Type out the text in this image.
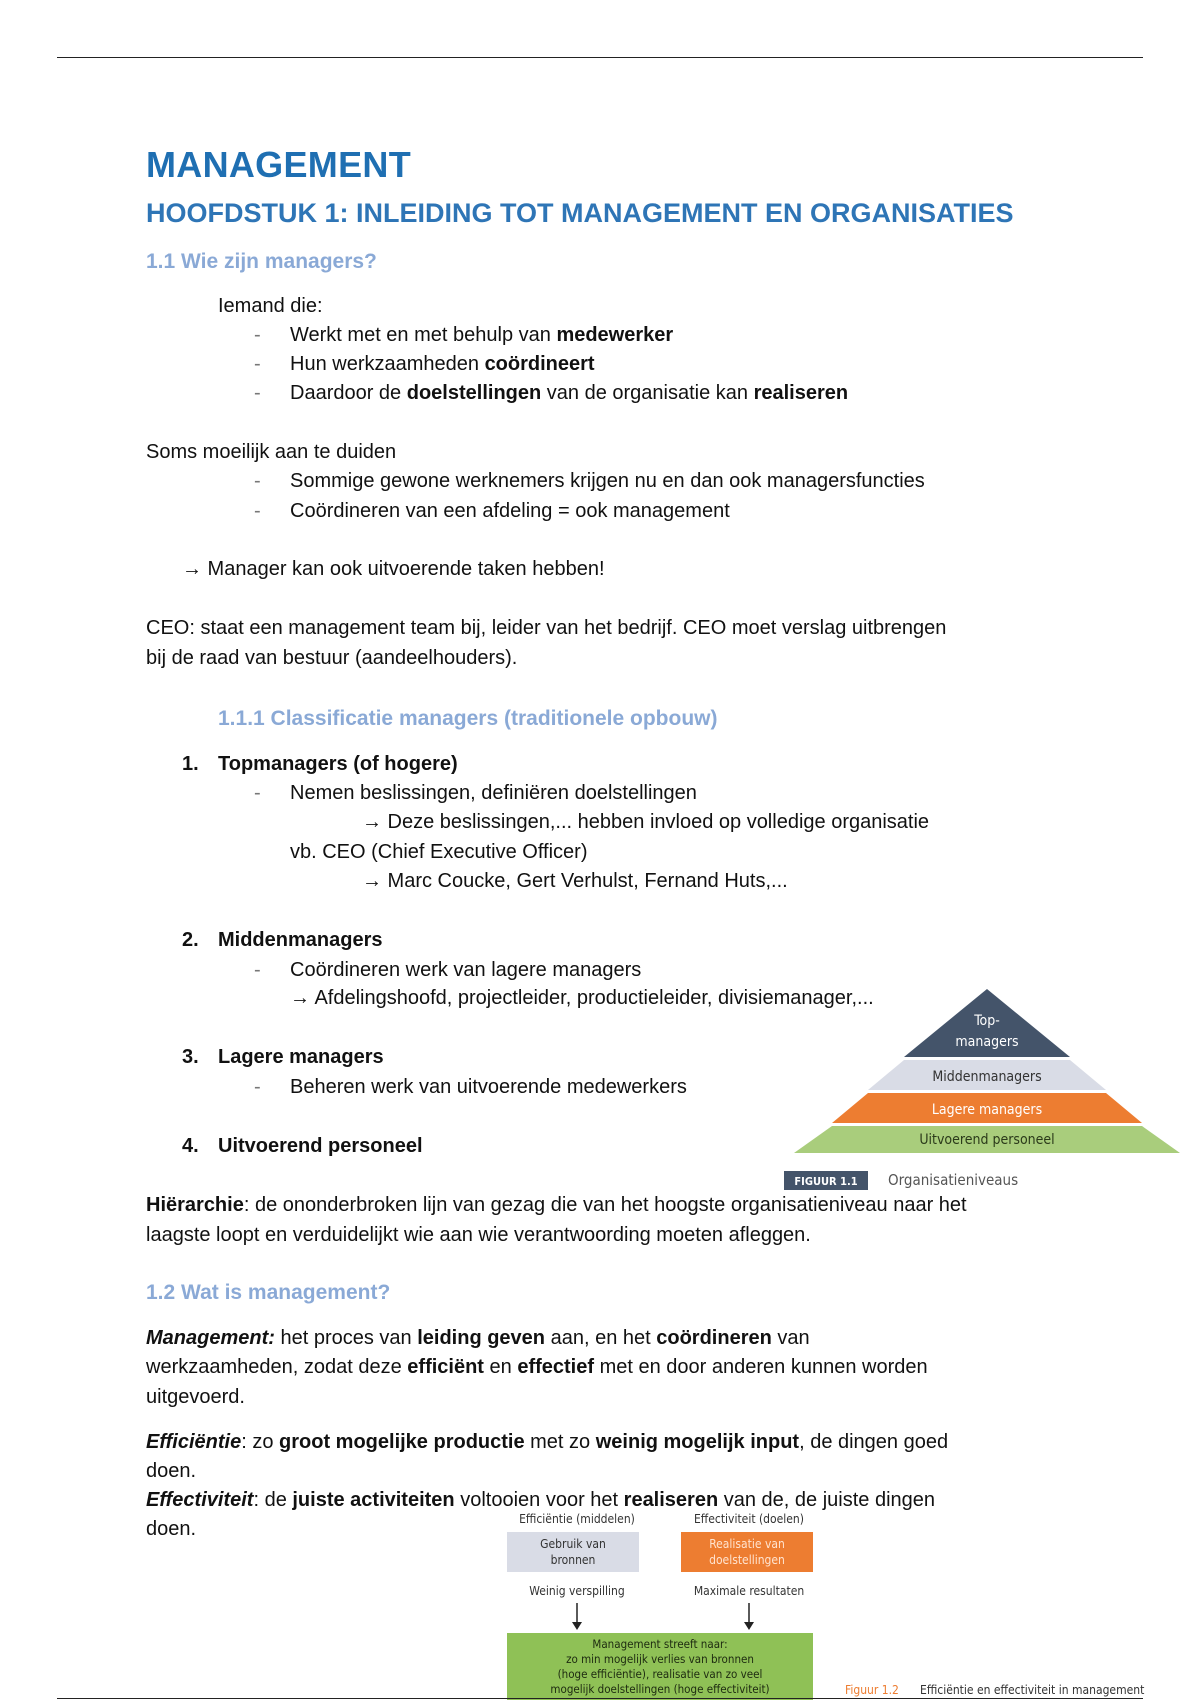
MANAGEMENT
HOOFDSTUK 1: INLEIDING TOT MANAGEMENT EN ORGANISATIES
1.1 Wie zijn managers?
Iemand die:
- Werkt met en met behulp van medewerker
- Hun werkzaamheden coördineert
- Daardoor de doelstellingen van de organisatie kan realiseren
Soms moeilijk aan te duiden
- Sommige gewone werknemers krijgen nu en dan ook managersfuncties
- Coördineren van een afdeling = ook management
→ Manager kan ook uitvoerende taken hebben!
CEO: staat een management team bij, leider van het bedrijf. CEO moet verslag uitbrengen
bij de raad van bestuur (aandeelhouders).
1.1.1 Classificatie managers (traditionele opbouw)
1. Topmanagers (of hogere)
- Nemen beslissingen, definiëren doelstellingen
→ Deze beslissingen,... hebben invloed op volledige organisatie
vb. CEO (Chief Executive Officer)
→ Marc Coucke, Gert Verhulst, Fernand Huts,...
2. Middenmanagers
- Coördineren werk van lagere managers
→ Afdelingshoofd, projectleider, productieleider, divisiemanager,...
3. Lagere managers
- Beheren werk van uitvoerende medewerkers
4. Uitvoerend personeel
Top-
managers
Middenmanagers
Lagere managers
Uitvoerend personeel
FIGUUR 1.1 Organisatieniveaus
Hiërarchie: de ononderbroken lijn van gezag die van het hoogste organisatieniveau naar het
laagste loopt en verduidelijkt wie aan wie verantwoording moeten afleggen.
1.2 Wat is management?
Management: het proces van leiding geven aan, en het coördineren van
werkzaamheden, zodat deze efficiënt en effectief met en door anderen kunnen worden
uitgevoerd.
Efficiëntie: zo groot mogelijke productie met zo weinig mogelijk input, de dingen goed
doen.
Effectiviteit: de juiste activiteiten voltooien voor het realiseren van de, de juiste dingen
doen.	Efficiëntie (middelen)	Effectiviteit (doelen)
Gebruik van
bronnen
Realisatie van
doelstellingen
Weinig verspilling	Maximale resultaten
Management streeft naar:
zo min mogelijk verlies van bronnen
(hoge efficiëntie), realisatie van zo veel
mogelijk doelstellingen (hoge effectiviteit)	Figuur 1.2 Efficiëntie en effectiviteit in management
